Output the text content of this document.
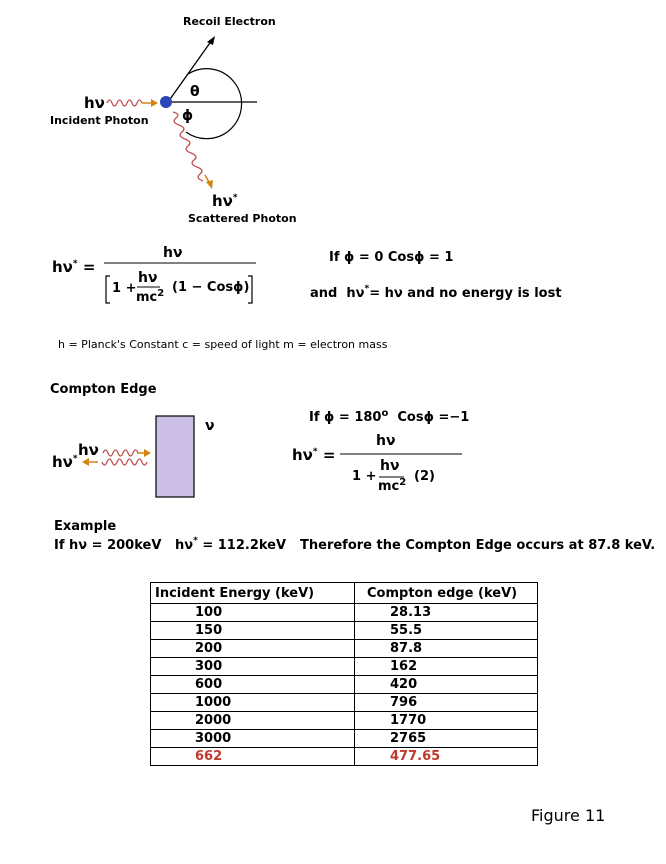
Recoil Electron
hν
Incident Photon
θ
ϕ
hν*
Scattered Photon
hν* =
hν
1 +
hν
$mc^2$ (1 − Cosϕ)
If ϕ = 0 Cosϕ = 1
and hν*= hν and no energy is lost
h = Planck's Constant c = speed of light m = electron mass
Compton Edge
ν
hν
hν*
If $\phi = 180^o$ Cosϕ =−1
hν* =
hν
1 +
hν
$mc^2$ (2)
Example
If hν = 200keV hν* = 112.2keV Therefore the Compton Edge occurs at 87.8 keV.
Incident Energy (keV)	Compton edge (keV)
100	28.13
150	55.5
200	87.8
300	162
600	420
1000	796
2000	1770
3000	2765
662	477.65
Figure 11
